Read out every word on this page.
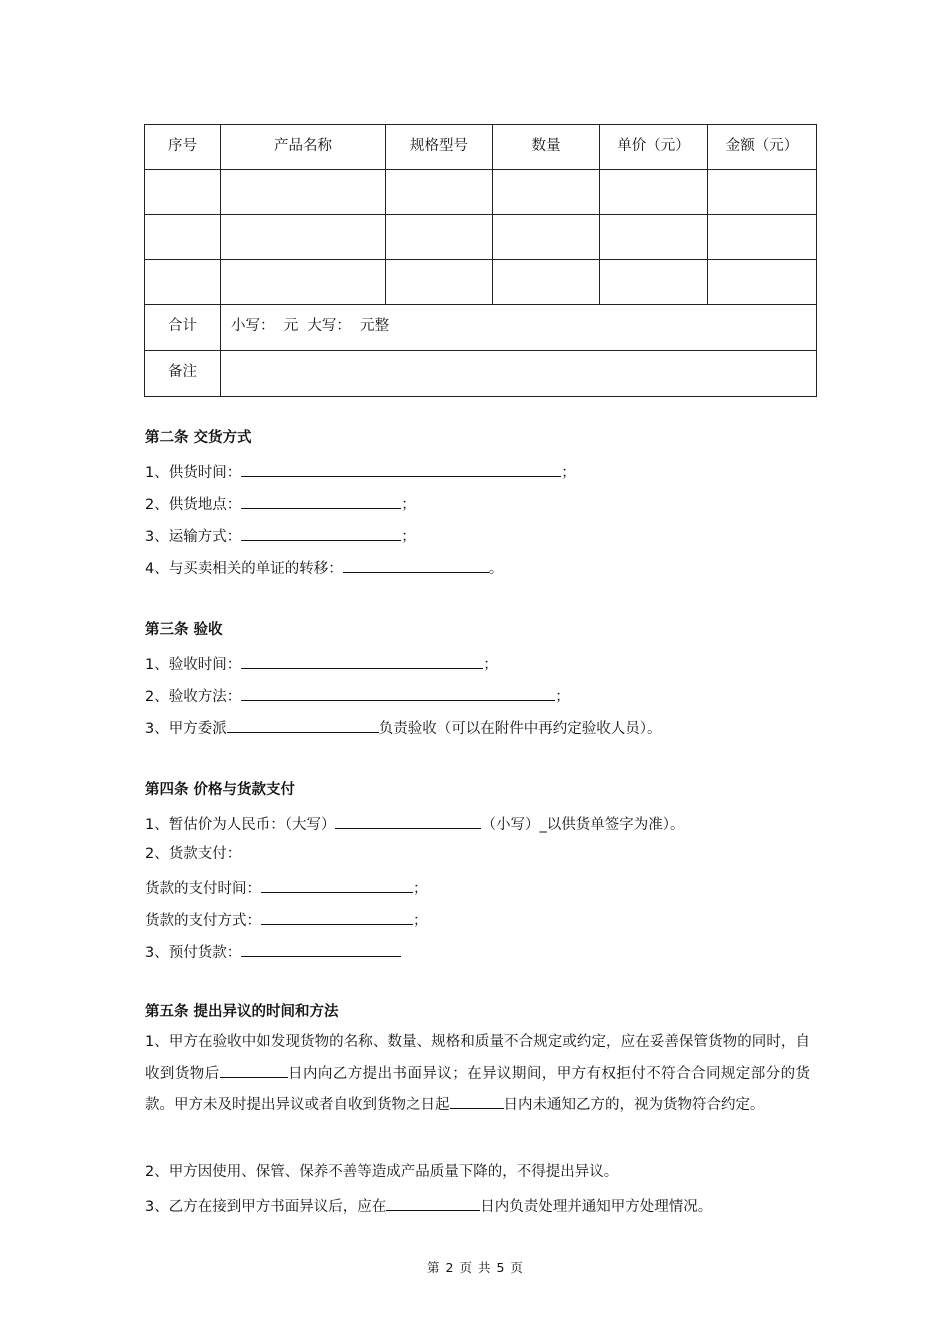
序号	产品名称	规格型号	数量	单价（元）	金额（元）

合计	小写：  元  大写：  元整				
备注					
第二条 交货方式
1、供货时间：	；
2、供货地点：	；
3、运输方式：	；
4、与买卖相关的单证的转移：	。
第三条 验收
1、验收时间：	；
2、验收方法：	；
3、甲方委派	负责验收（可以在附件中再约定验收人员）。
第四条 价格与货款支付
1、暂估价为人民币：（大写）	（小写）_以供货单签字为准）。
2、货款支付：
货款的支付时间：	；
货款的支付方式：	；
3、预付货款：
第五条 提出异议的时间和方法
1、甲方在验收中如发现货物的名称、数量、规格和质量不合规定或约定，应在妥善保管货物的同时，自收到货物后	日内向乙方提出书面异议；在异议期间，甲方有权拒付不符合合同规定部分的货款。甲方未及时提出异议或者自收到货物之日起	日内未通知乙方的，视为货物符合约定。
2、甲方因使用、保管、保养不善等造成产品质量下降的，不得提出异议。
3、乙方在接到甲方书面异议后，应在	日内负责处理并通知甲方处理情况。
第 2 页 共 5 页
